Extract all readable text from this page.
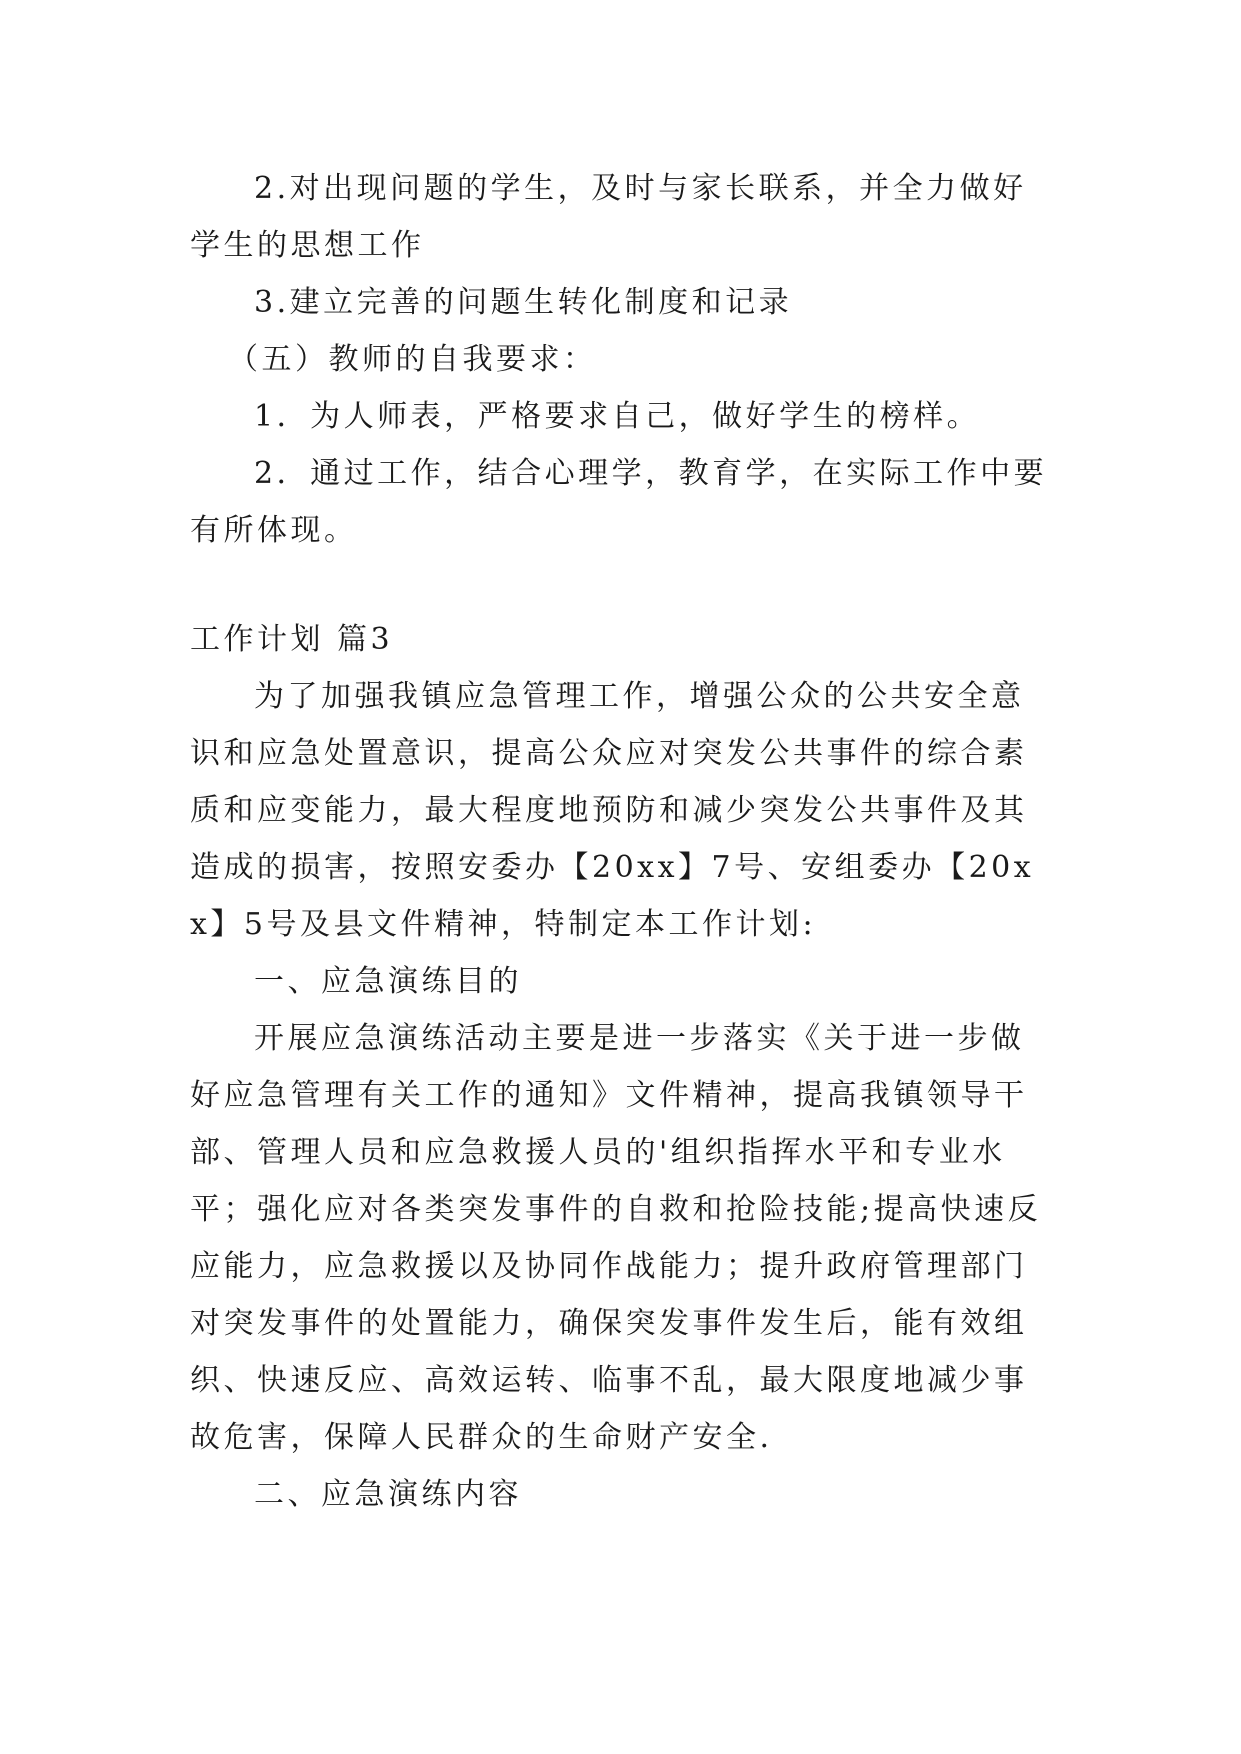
2.对出现问题的学生，及时与家长联系，并全力做好学生的思想工作

3.建立完善的问题生转化制度和记录

（五）教师的自我要求：

1．为人师表，严格要求自己，做好学生的榜样。

2．通过工作，结合心理学，教育学，在实际工作中要有所体现。

工作计划 篇3

为了加强我镇应急管理工作，增强公众的公共安全意识和应急处置意识，提高公众应对突发公共事件的综合素质和应变能力，最大程度地预防和减少突发公共事件及其造成的损害，按照安委办【20xx】7号、安组委办【20xx】5号及县文件精神，特制定本工作计划:

一、应急演练目的

开展应急演练活动主要是进一步落实《关于进一步做好应急管理有关工作的通知》文件精神，提高我镇领导干部、管理人员和应急救援人员的'组织指挥水平和专业水平；强化应对各类突发事件的自救和抢险技能;提高快速反应能力，应急救援以及协同作战能力；提升政府管理部门对突发事件的处置能力，确保突发事件发生后，能有效组织、快速反应、高效运转、临事不乱，最大限度地减少事故危害，保障人民群众的生命财产安全.

二、应急演练内容
